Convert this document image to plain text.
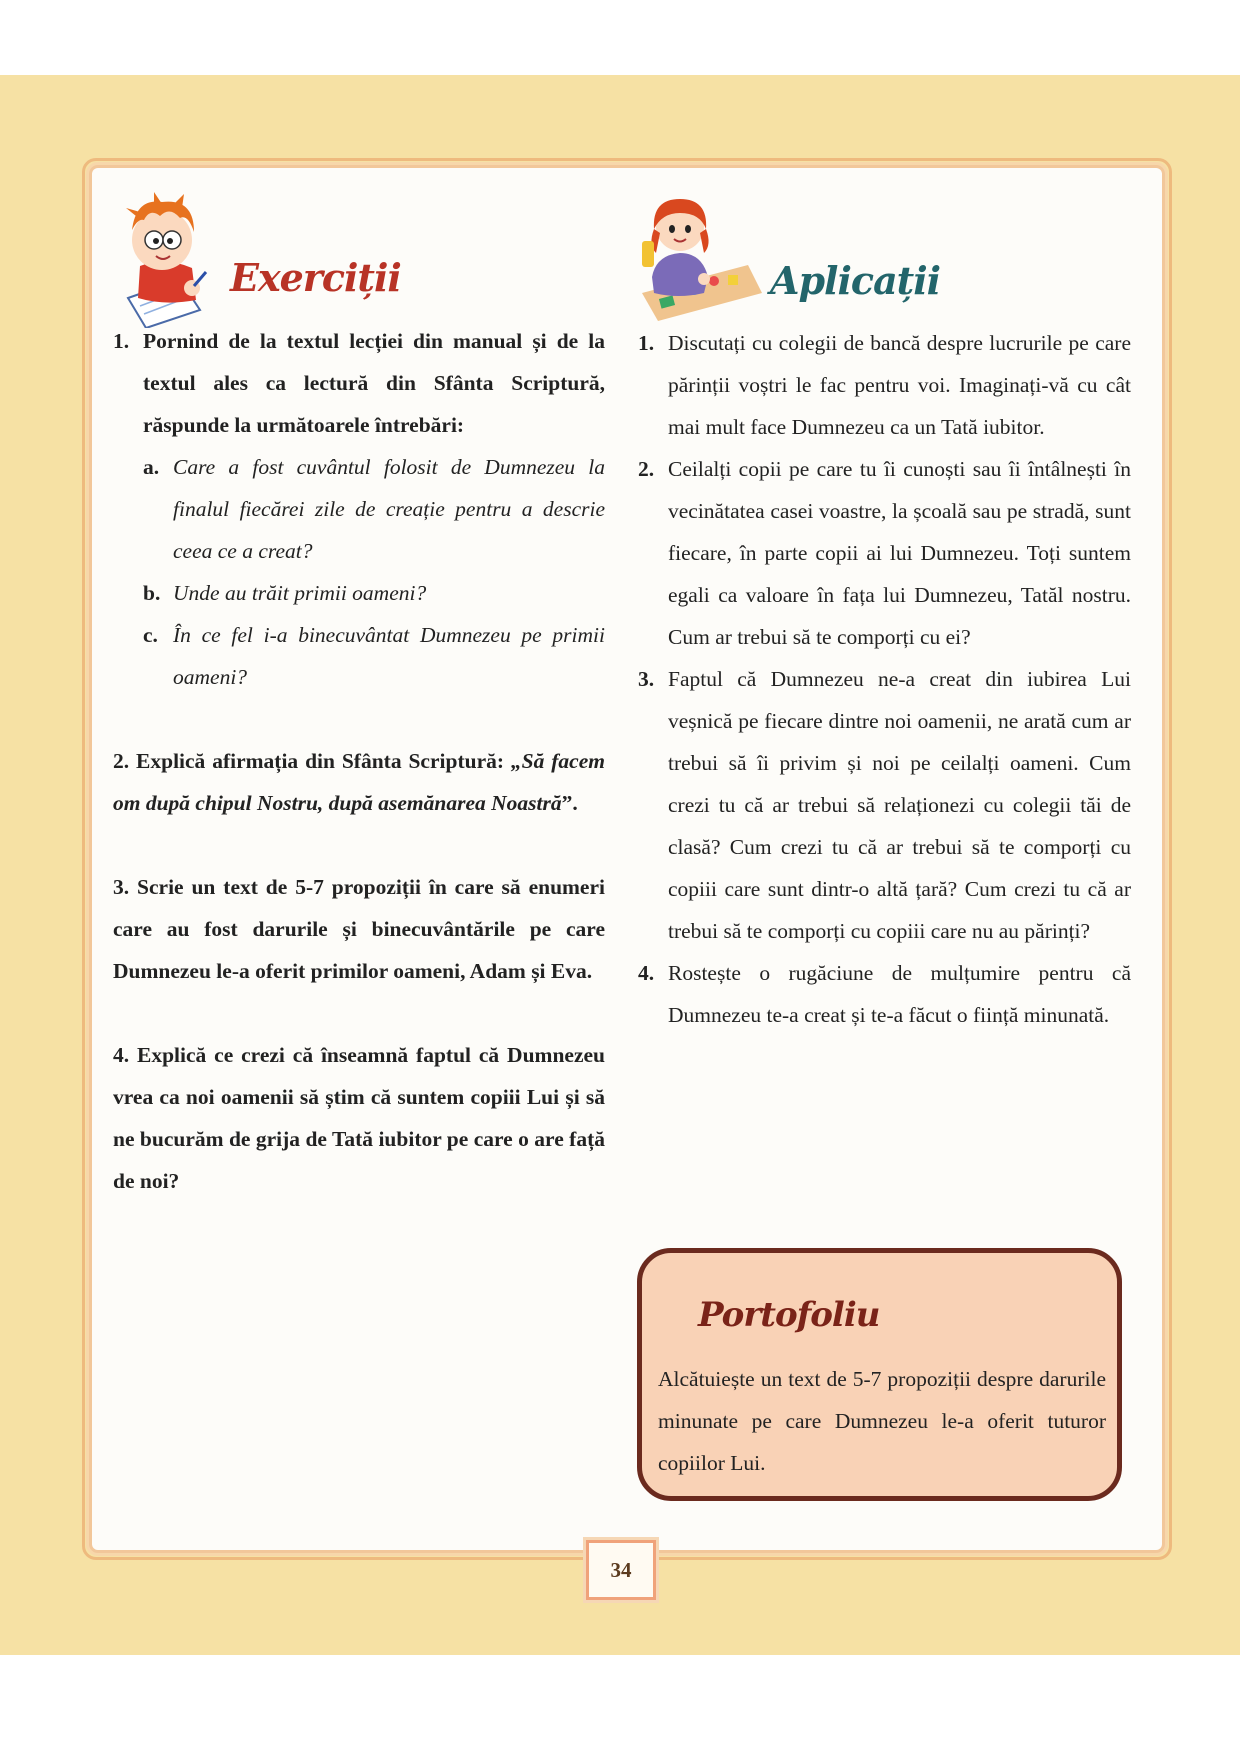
Exerciții	Aplicații
1. Pornind de la textul lecției din manual și de la textul ales ca lectură din Sfânta Scriptură, răspunde la următoarele întrebări:
a. Care a fost cuvântul folosit de Dumnezeu la finalul fiecărei zile de creație pentru a descrie ceea ce a creat?
b. Unde au trăit primii oameni?
c. În ce fel i-a binecuvântat Dumnezeu pe primii oameni?
2. Explică afirmația din Sfânta Scriptură: „Să facem om după chipul Nostru, după asemănarea Noastră”.
3. Scrie un text de 5-7 propoziții în care să enumeri care au fost darurile și binecuvântările pe care Dumnezeu le-a oferit primilor oameni, Adam și Eva.
4. Explică ce crezi că înseamnă faptul că Dumnezeu vrea ca noi oamenii să știm că suntem copiii Lui și să ne bucurăm de grija de Tată iubitor pe care o are față de noi?
1. Discutați cu colegii de bancă despre lucrurile pe care părinții voștri le fac pentru voi. Imaginați-vă cu cât mai mult face Dumnezeu ca un Tată iubitor.
2. Ceilalți copii pe care tu îi cunoști sau îi întâlnești în vecinătatea casei voastre, la școală sau pe stradă, sunt fiecare, în parte copii ai lui Dumnezeu. Toți suntem egali ca valoare în fața lui Dumnezeu, Tatăl nostru. Cum ar trebui să te comporți cu ei?
3. Faptul că Dumnezeu ne-a creat din iubirea Lui veșnică pe fiecare dintre noi oamenii, ne arată cum ar trebui să îi privim și noi pe ceilalți oameni. Cum crezi tu că ar trebui să relaționezi cu colegii tăi de clasă? Cum crezi tu că ar trebui să te comporți cu copiii care sunt dintr-o altă țară? Cum crezi tu că ar trebui să te comporți cu copiii care nu au părinți?
4. Rostește o rugăciune de mulțumire pentru că Dumnezeu te-a creat și te-a făcut o ființă minunată.
Portofoliu
Alcătuiește un text de 5-7 propoziții despre darurile minunate pe care Dumnezeu le-a oferit tuturor copiilor Lui.
34
